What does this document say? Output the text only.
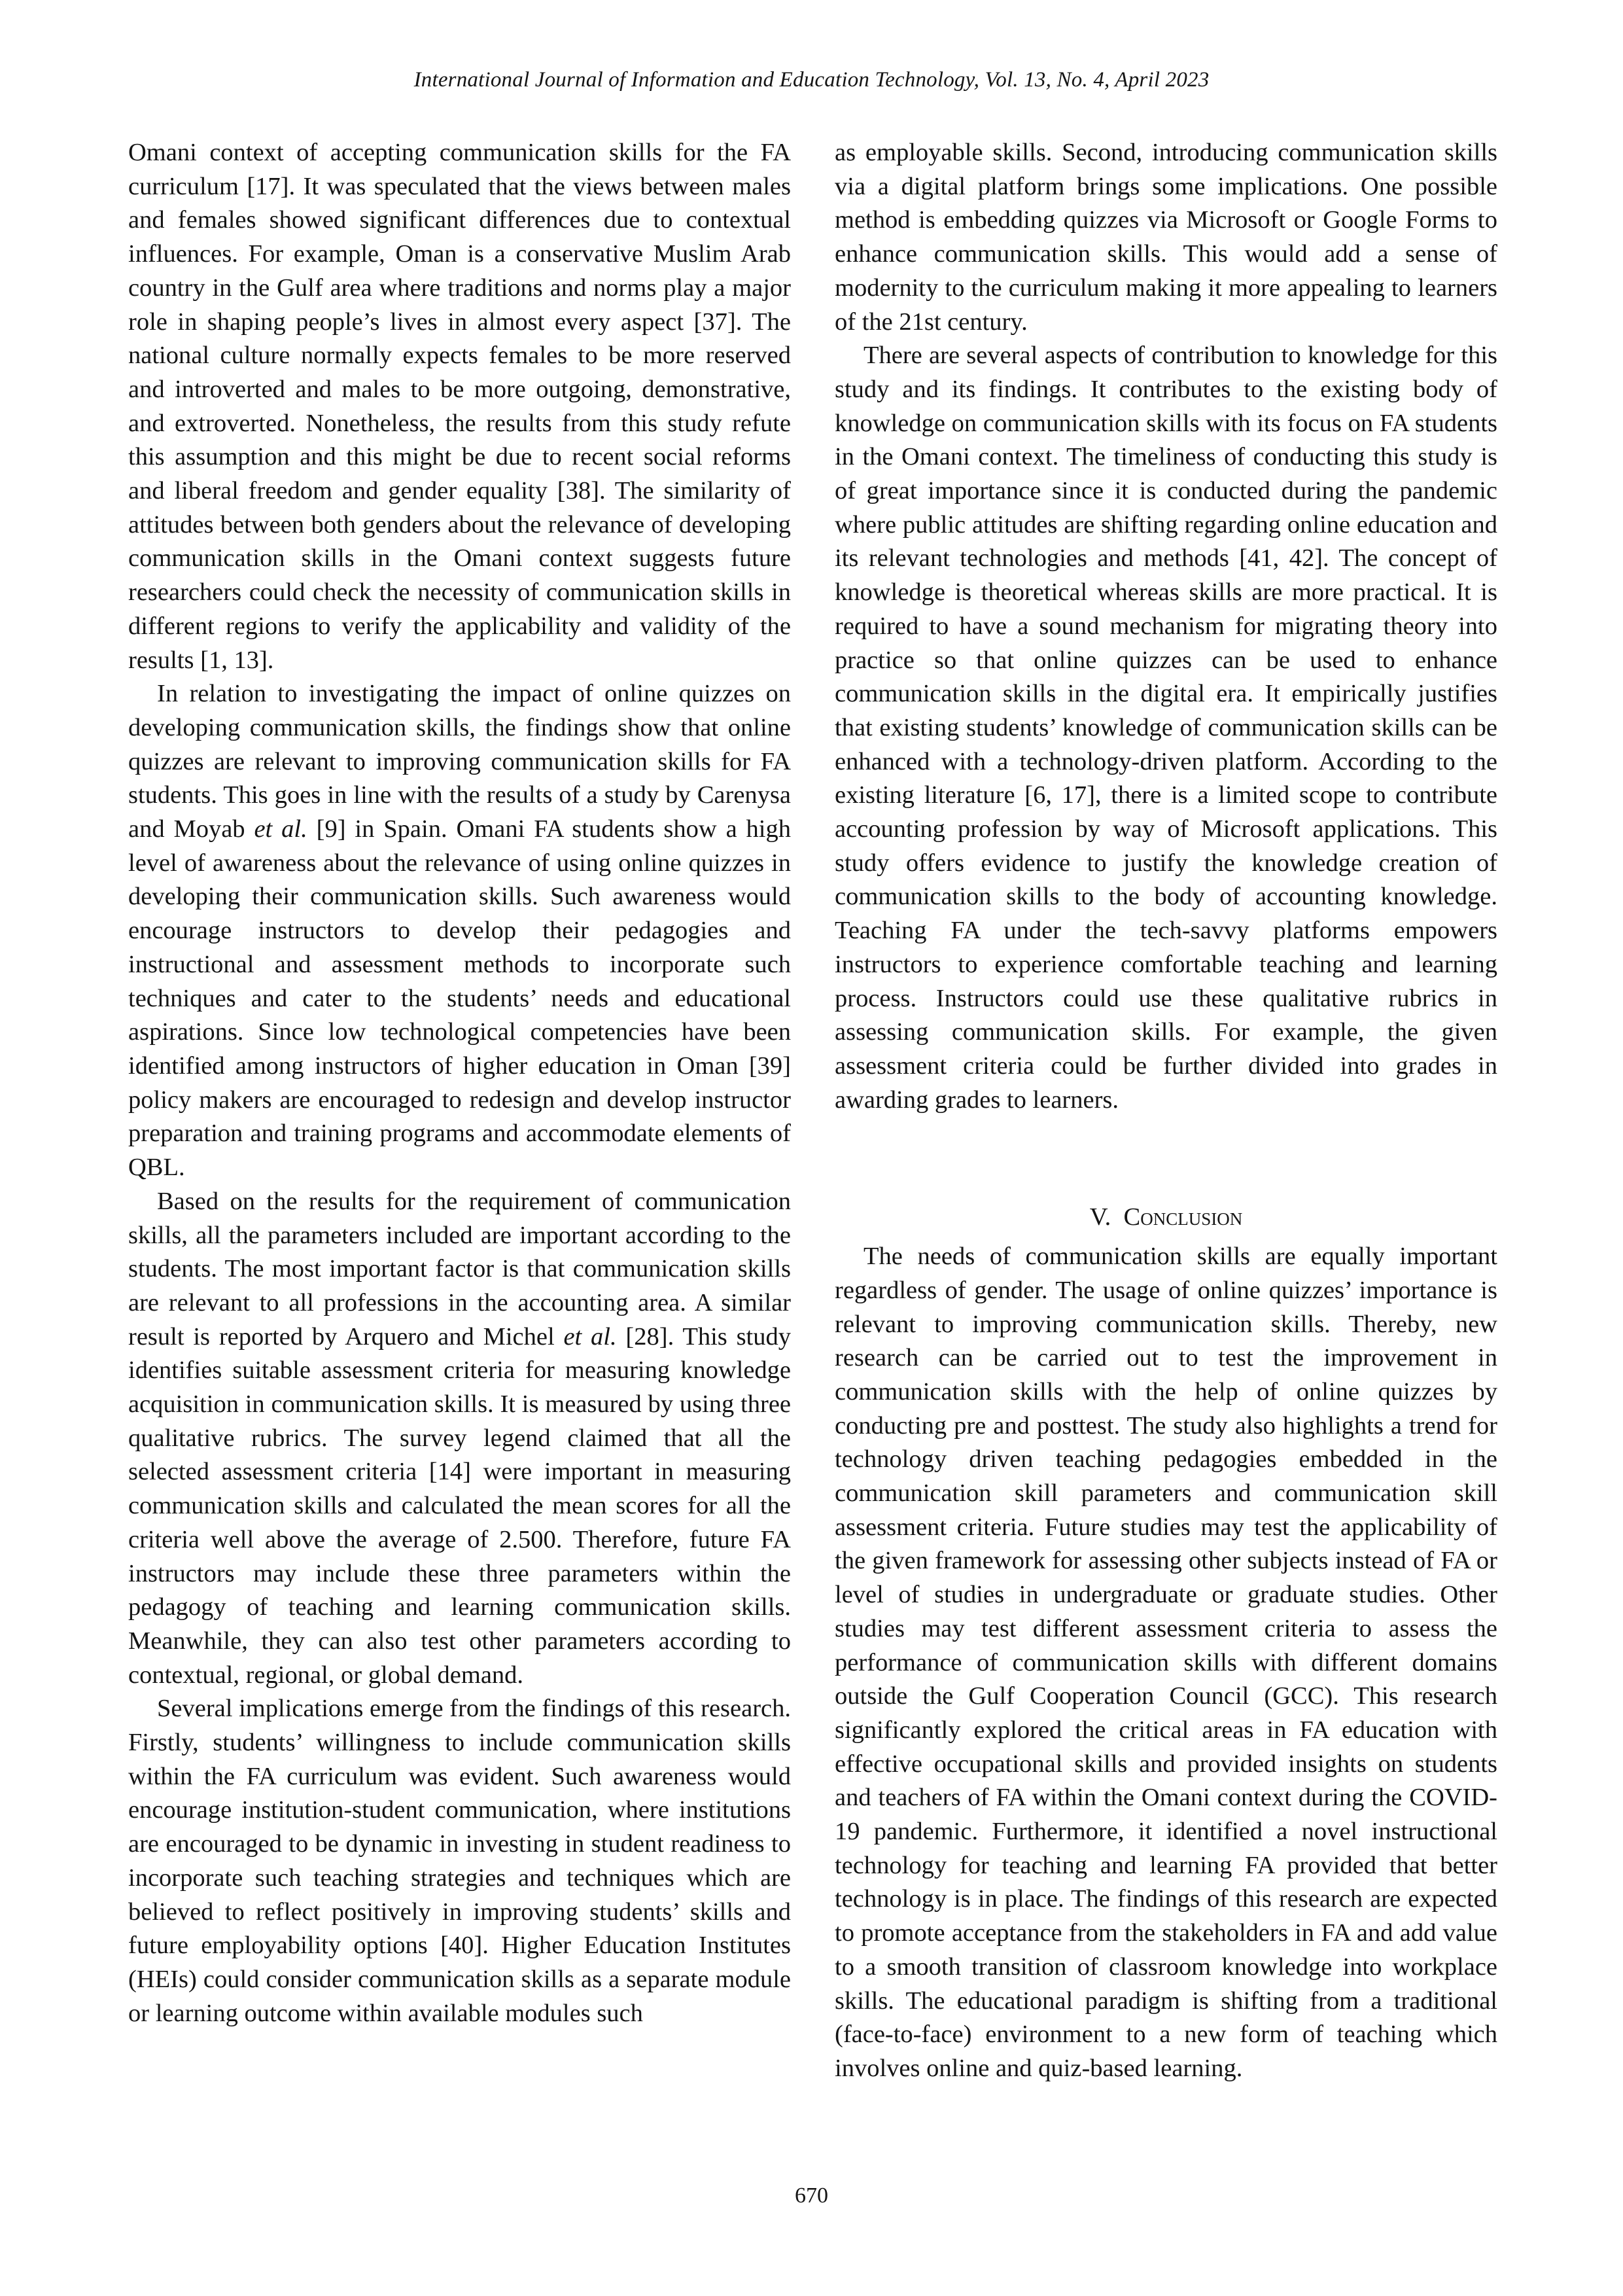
International Journal of Information and Education Technology, Vol. 13, No. 4, April 2023

Omani context of accepting communication skills for the FA curriculum [17]. It was speculated that the views between males and females showed significant differences due to contextual influences. For example, Oman is a conservative Muslim Arab country in the Gulf area where traditions and norms play a major role in shaping people’s lives in almost every aspect [37]. The national culture normally expects females to be more reserved and introverted and males to be more outgoing, demonstrative, and extroverted. Nonetheless, the results from this study refute this assumption and this might be due to recent social reforms and liberal freedom and gender equality [38]. The similarity of attitudes between both genders about the relevance of developing communication skills in the Omani context suggests future researchers could check the necessity of communication skills in different regions to verify the applicability and validity of the results [1, 13].

In relation to investigating the impact of online quizzes on developing communication skills, the findings show that online quizzes are relevant to improving communication skills for FA students. This goes in line with the results of a study by Carenysa and Moyab et al. [9] in Spain. Omani FA students show a high level of awareness about the relevance of using online quizzes in developing their communication skills. Such awareness would encourage instructors to develop their pedagogies and instructional and assessment methods to incorporate such techniques and cater to the students’ needs and educational aspirations. Since low technological competencies have been identified among instructors of higher education in Oman [39] policy makers are encouraged to redesign and develop instructor preparation and training programs and accommodate elements of QBL.

Based on the results for the requirement of communication skills, all the parameters included are important according to the students. The most important factor is that communication skills are relevant to all professions in the accounting area. A similar result is reported by Arquero and Michel et al. [28]. This study identifies suitable assessment criteria for measuring knowledge acquisition in communication skills. It is measured by using three qualitative rubrics. The survey legend claimed that all the selected assessment criteria [14] were important in measuring communication skills and calculated the mean scores for all the criteria well above the average of 2.500. Therefore, future FA instructors may include these three parameters within the pedagogy of teaching and learning communication skills. Meanwhile, they can also test other parameters according to contextual, regional, or global demand.

Several implications emerge from the findings of this research. Firstly, students’ willingness to include communication skills within the FA curriculum was evident. Such awareness would encourage institution-student communication, where institutions are encouraged to be dynamic in investing in student readiness to incorporate such teaching strategies and techniques which are believed to reflect positively in improving students’ skills and future employability options [40]. Higher Education Institutes (HEIs) could consider communication skills as a separate module or learning outcome within available modules such

as employable skills. Second, introducing communication skills via a digital platform brings some implications. One possible method is embedding quizzes via Microsoft or Google Forms to enhance communication skills. This would add a sense of modernity to the curriculum making it more appealing to learners of the 21st century.

There are several aspects of contribution to knowledge for this study and its findings. It contributes to the existing body of knowledge on communication skills with its focus on FA students in the Omani context. The timeliness of conducting this study is of great importance since it is conducted during the pandemic where public attitudes are shifting regarding online education and its relevant technologies and methods [41, 42]. The concept of knowledge is theoretical whereas skills are more practical. It is required to have a sound mechanism for migrating theory into practice so that online quizzes can be used to enhance communication skills in the digital era. It empirically justifies that existing students’ knowledge of communication skills can be enhanced with a technology-driven platform. According to the existing literature [6, 17], there is a limited scope to contribute accounting profession by way of Microsoft applications. This study offers evidence to justify the knowledge creation of communication skills to the body of accounting knowledge. Teaching FA under the tech-savvy platforms empowers instructors to experience comfortable teaching and learning process. Instructors could use these qualitative rubrics in assessing communication skills. For example, the given assessment criteria could be further divided into grades in awarding grades to learners.

V. Conclusion

The needs of communication skills are equally important regardless of gender. The usage of online quizzes’ importance is relevant to improving communication skills. Thereby, new research can be carried out to test the improvement in communication skills with the help of online quizzes by conducting pre and posttest. The study also highlights a trend for technology driven teaching pedagogies embedded in the communication skill parameters and communication skill assessment criteria. Future studies may test the applicability of the given framework for assessing other subjects instead of FA or level of studies in undergraduate or graduate studies. Other studies may test different assessment criteria to assess the performance of communication skills with different domains outside the Gulf Cooperation Council (GCC). This research significantly explored the critical areas in FA education with effective occupational skills and provided insights on students and teachers of FA within the Omani context during the COVID-19 pandemic. Furthermore, it identified a novel instructional technology for teaching and learning FA provided that better technology is in place. The findings of this research are expected to promote acceptance from the stakeholders in FA and add value to a smooth transition of classroom knowledge into workplace skills. The educational paradigm is shifting from a traditional (face-to-face) environment to a new form of teaching which involves online and quiz-based learning.

670
